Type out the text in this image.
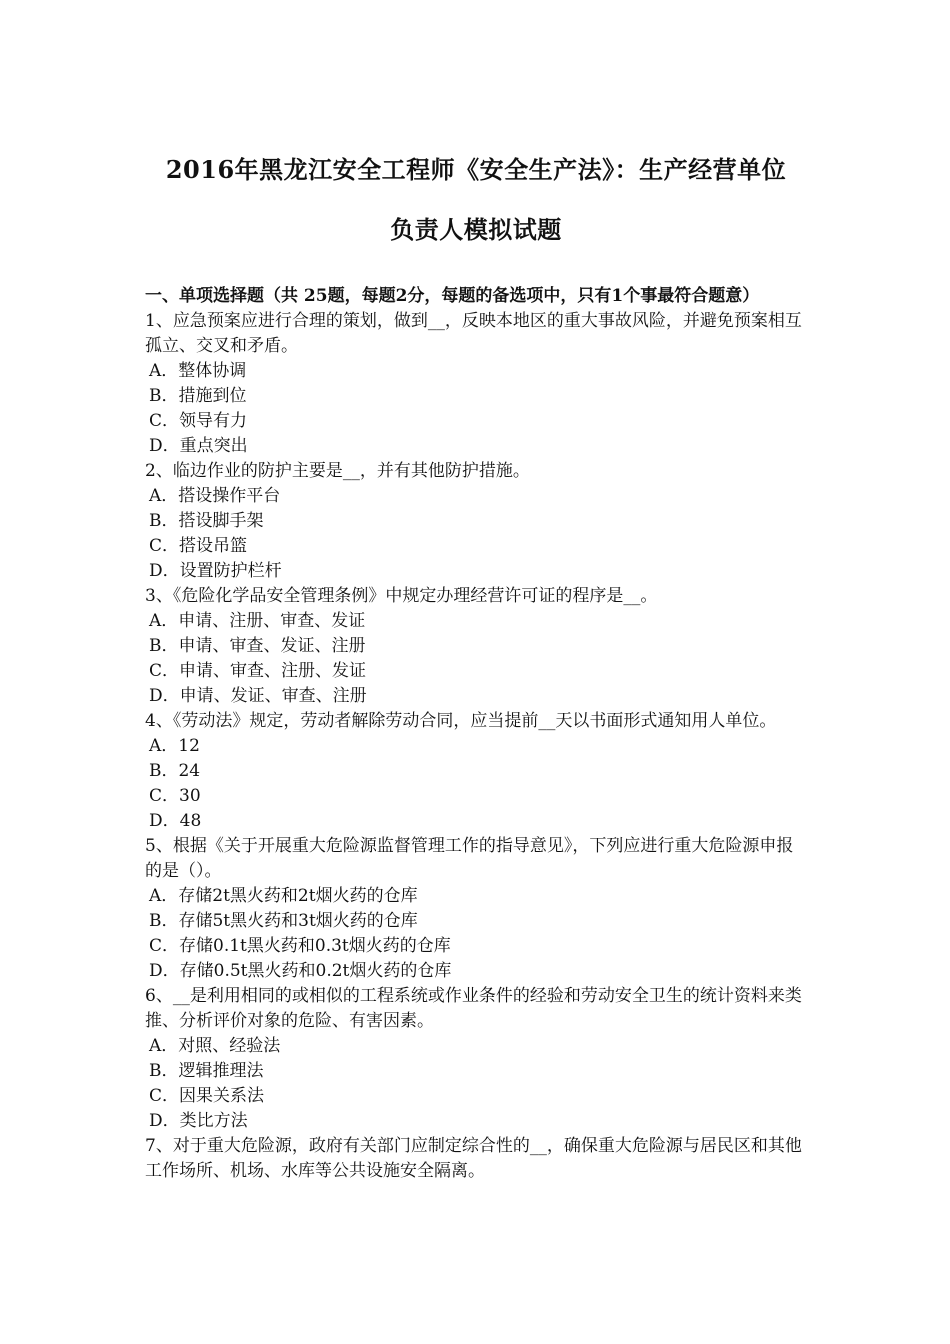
2016年黑龙江安全工程师《安全生产法》：生产经营单位
负责人模拟试题
一、单项选择题（共 25题，每题2分，每题的备选项中，只有1个事最符合题意）
1、应急预案应进行合理的策划，做到__，反映本地区的重大事故风险，并避免预案相互孤立、交叉和矛盾。
A．整体协调
B．措施到位
C．领导有力
D．重点突出
2、临边作业的防护主要是__，并有其他防护措施。
A．搭设操作平台
B．搭设脚手架
C．搭设吊篮
D．设置防护栏杆
3、《危险化学品安全管理条例》中规定办理经营许可证的程序是__。
A．申请、注册、审查、发证
B．申请、审查、发证、注册
C．申请、审查、注册、发证
D．申请、发证、审查、注册
4、《劳动法》规定，劳动者解除劳动合同，应当提前__天以书面形式通知用人单位。
A．12
B．24
C．30
D．48
5、根据《关于开展重大危险源监督管理工作的指导意见》，下列应进行重大危险源申报的是（）。
A．存储2t黑火药和2t烟火药的仓库
B．存储5t黑火药和3t烟火药的仓库
C．存储0.1t黑火药和0.3t烟火药的仓库
D．存储0.5t黑火药和0.2t烟火药的仓库
6、__是利用相同的或相似的工程系统或作业条件的经验和劳动安全卫生的统计资料来类推、分析评价对象的危险、有害因素。
A．对照、经验法
B．逻辑推理法
C．因果关系法
D．类比方法
7、对于重大危险源，政府有关部门应制定综合性的__，确保重大危险源与居民区和其他工作场所、机场、水库等公共设施安全隔离。
